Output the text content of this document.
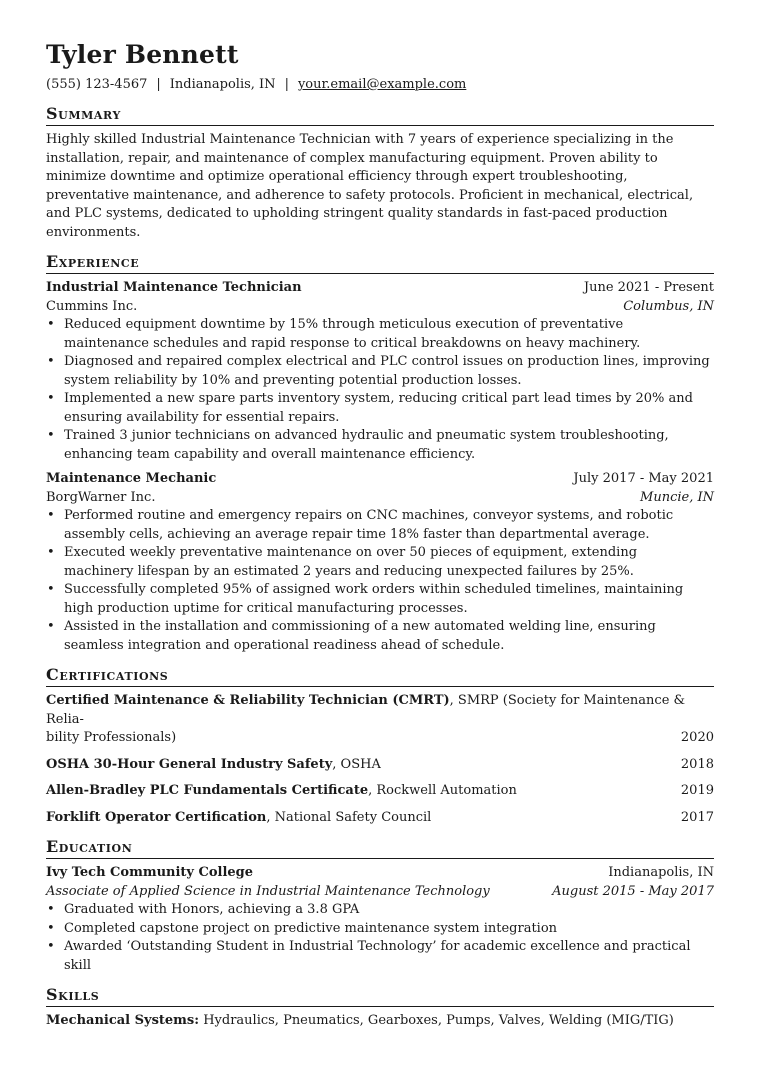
Tyler Bennett
(555) 123-4567 | Indianapolis, IN | your.email@example.com
Summary

Highly skilled Industrial Maintenance Technician with 7 years of experience specializing in the installation, repair, and maintenance of complex manufacturing equipment. Proven ability to minimize downtime and optimize operational efficiency through expert troubleshooting, preventative maintenance, and adherence to safety protocols. Proficient in mechanical, electrical, and PLC systems, dedicated to upholding stringent quality standards in fast-paced production environments.

Experience
Industrial Maintenance Technician	June 2021 - Present
Cummins Inc.	Columbus, IN
• Reduced equipment downtime by 15% through meticulous execution of preventative maintenance schedules and rapid response to critical breakdowns on heavy machinery.
• Diagnosed and repaired complex electrical and PLC control issues on production lines, improving system reliability by 10% and preventing potential production losses.
• Implemented a new spare parts inventory system, reducing critical part lead times by 20% and ensuring availability for essential repairs.
• Trained 3 junior technicians on advanced hydraulic and pneumatic system troubleshooting, enhancing team capability and overall maintenance efficiency.
Maintenance Mechanic	July 2017 - May 2021
BorgWarner Inc.	Muncie, IN
• Performed routine and emergency repairs on CNC machines, conveyor systems, and robotic assembly cells, achieving an average repair time 18% faster than departmental average.
• Executed weekly preventative maintenance on over 50 pieces of equipment, extending machinery lifespan by an estimated 2 years and reducing unexpected failures by 25%.
• Successfully completed 95% of assigned work orders within scheduled timelines, maintaining high production uptime for critical manufacturing processes.
• Assisted in the installation and commissioning of a new automated welding line, ensuring seamless integration and operational readiness ahead of schedule.
Certifications
Certified Maintenance & Reliability Technician (CMRT), SMRP (Society for Maintenance & Relia-
bility Professionals)	2020
OSHA 30-Hour General Industry Safety, OSHA	2018
Allen-Bradley PLC Fundamentals Certificate, Rockwell Automation	2019
Forklift Operator Certification, National Safety Council	2017
Education
Ivy Tech Community College	Indianapolis, IN
Associate of Applied Science in Industrial Maintenance Technology	August 2015 - May 2017
• Graduated with Honors, achieving a 3.8 GPA
• Completed capstone project on predictive maintenance system integration
• Awarded ‘Outstanding Student in Industrial Technology’ for academic excellence and practical skill
Skills
Mechanical Systems: Hydraulics, Pneumatics, Gearboxes, Pumps, Valves, Welding (MIG/TIG)
